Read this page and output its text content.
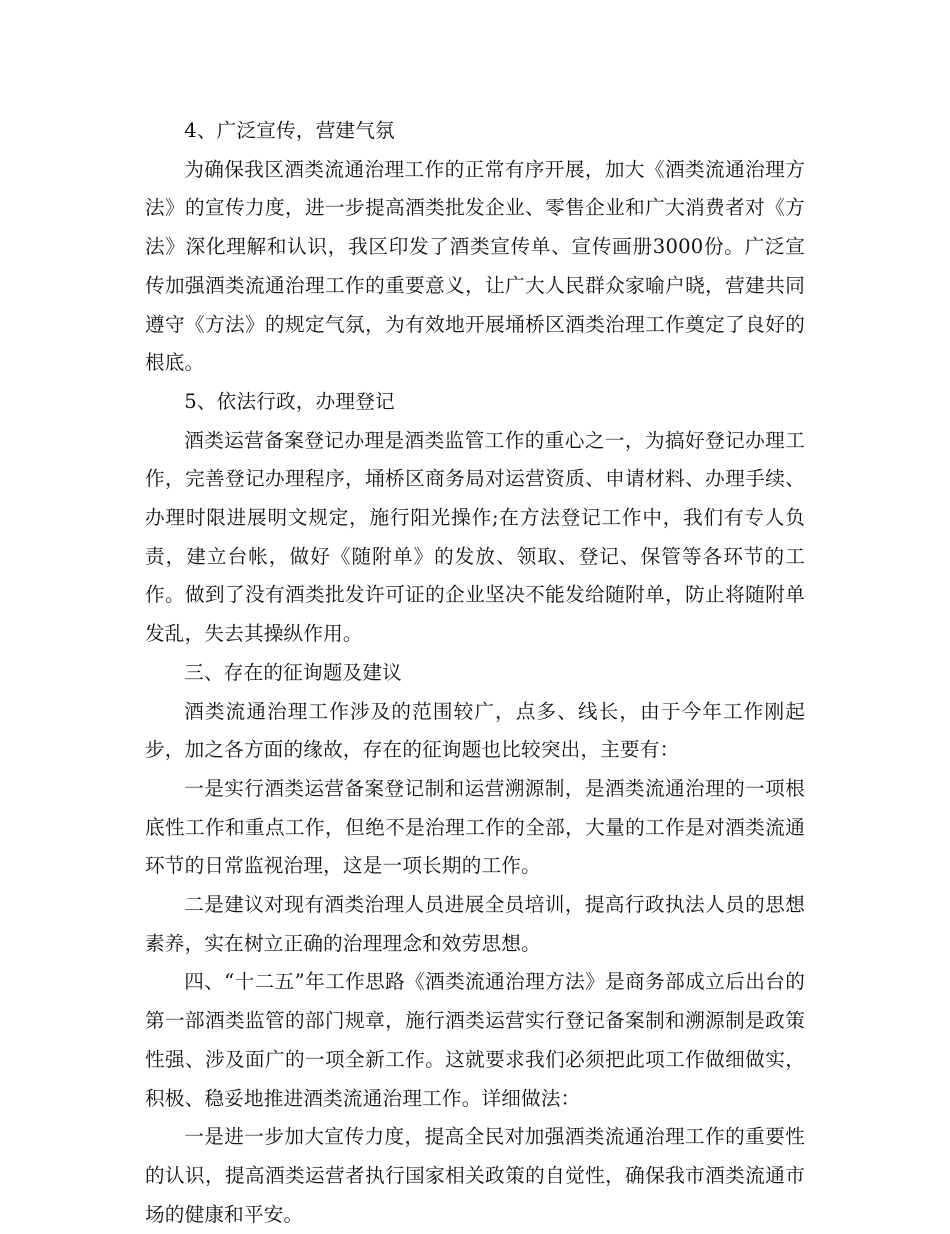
4、广泛宣传，营建气氛

为确保我区酒类流通治理工作的正常有序开展，加大《酒类流通治理方法》的宣传力度，进一步提高酒类批发企业、零售企业和广大消费者对《方法》深化理解和认识，我区印发了酒类宣传单、宣传画册3000份。广泛宣传加强酒类流通治理工作的重要意义，让广大人民群众家喻户晓，营建共同遵守《方法》的规定气氛，为有效地开展埇桥区酒类治理工作奠定了良好的根底。

5、依法行政，办理登记

酒类运营备案登记办理是酒类监管工作的重心之一，为搞好登记办理工作，完善登记办理程序，埇桥区商务局对运营资质、申请材料、办理手续、办理时限进展明文规定，施行阳光操作;在方法登记工作中，我们有专人负责，建立台帐，做好《随附单》的发放、领取、登记、保管等各环节的工作。做到了没有酒类批发许可证的企业坚决不能发给随附单，防止将随附单发乱，失去其操纵作用。

三、存在的征询题及建议

酒类流通治理工作涉及的范围较广，点多、线长，由于今年工作刚起步，加之各方面的缘故，存在的征询题也比较突出，主要有：

一是实行酒类运营备案登记制和运营溯源制，是酒类流通治理的一项根底性工作和重点工作，但绝不是治理工作的全部，大量的工作是对酒类流通环节的日常监视治理，这是一项长期的工作。

二是建议对现有酒类治理人员进展全员培训，提高行政执法人员的思想素养，实在树立正确的治理理念和效劳思想。

四、“十二五”年工作思路《酒类流通治理方法》是商务部成立后出台的第一部酒类监管的部门规章，施行酒类运营实行登记备案制和溯源制是政策性强、涉及面广的一项全新工作。这就要求我们必须把此项工作做细做实，积极、稳妥地推进酒类流通治理工作。详细做法：

一是进一步加大宣传力度，提高全民对加强酒类流通治理工作的重要性的认识，提高酒类运营者执行国家相关政策的自觉性，确保我市酒类流通市场的健康和平安。
